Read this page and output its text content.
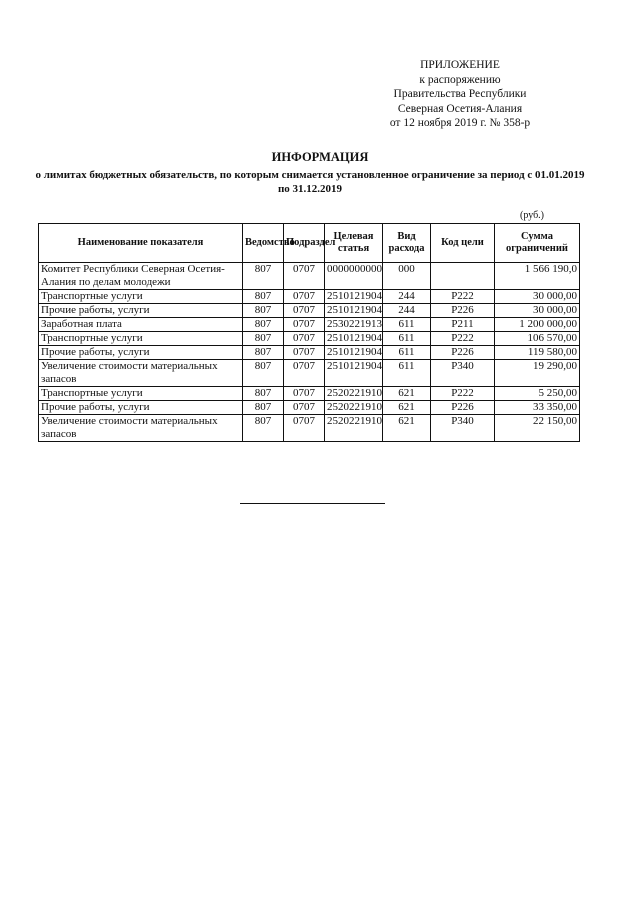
ПРИЛОЖЕНИЕ
к распоряжению
Правительства Республики
Северная Осетия-Алания
от 12 ноября 2019 г. № 358-р
ИНФОРМАЦИЯ
о лимитах бюджетных обязательств, по которым снимается установленное ограничение за период с 01.01.2019 по 31.12.2019
(руб.)
Наименование показателя	Ведомство	Подраздел	Целевая статья	Вид расхода	Код цели	Сумма ограничений
Комитет Республики Северная Осетия-Алания по делам молодежи	807	0707	0000000000	000		1 566 190,0
Транспортные услуги	807	0707	2510121904	244	Р222	30 000,00
Прочие работы, услуги	807	0707	2510121904	244	Р226	30 000,00
Заработная плата	807	0707	2530221913	611	Р211	1 200 000,00
Транспортные услуги	807	0707	2510121904	611	Р222	106 570,00
Прочие работы, услуги	807	0707	2510121904	611	Р226	119 580,00
Увеличение стоимости материальных запасов	807	0707	2510121904	611	Р340	19 290,00
Транспортные услуги	807	0707	2520221910	621	Р222	5 250,00
Прочие работы, услуги	807	0707	2520221910	621	Р226	33 350,00
Увеличение стоимости материальных запасов	807	0707	2520221910	621	Р340	22 150,00
